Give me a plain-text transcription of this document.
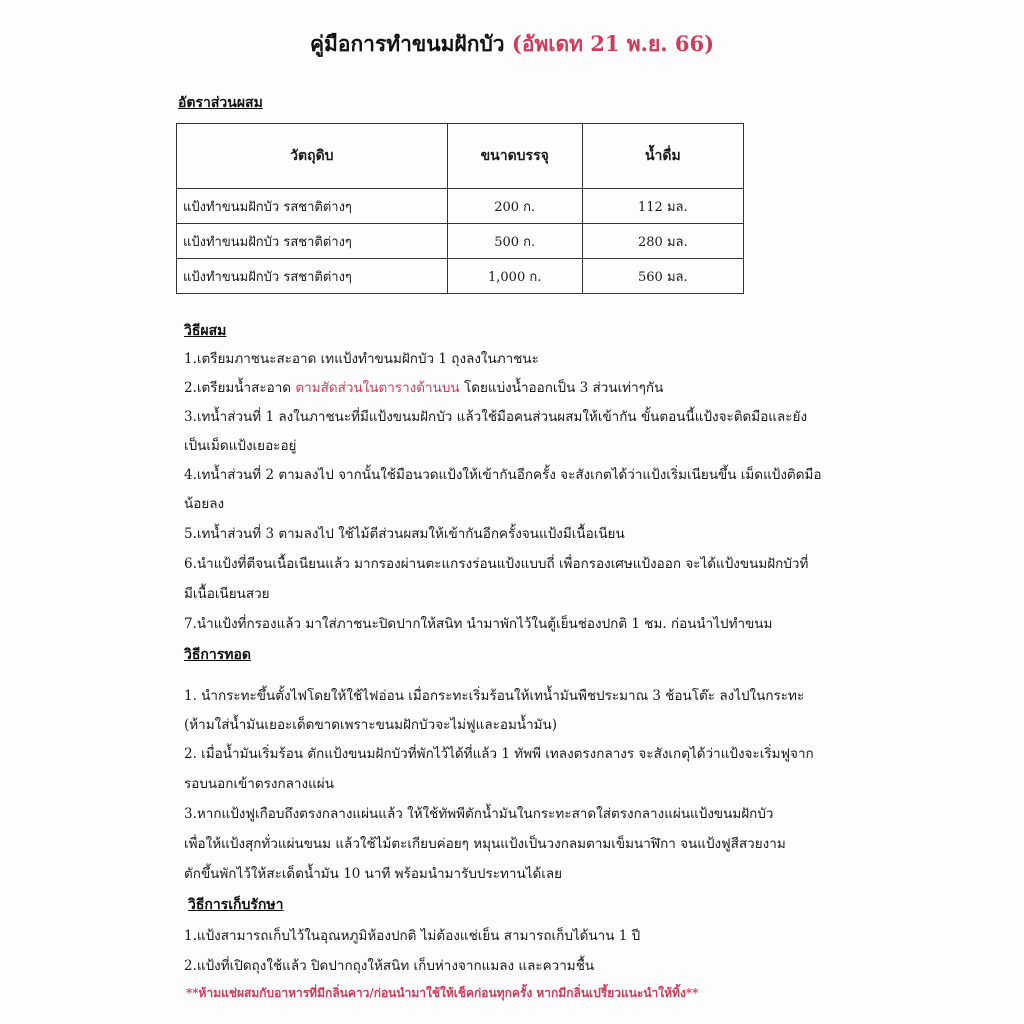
คู่มือการทำขนมฝักบัว (อัพเดท 21 พ.ย. 66)
อัตราส่วนผสม
วัตถุดิบ	ขนาดบรรจุ	น้ำดื่ม
แป้งทำขนมฝักบัว รสชาติต่างๆ	200 ก.	112 มล.
แป้งทำขนมฝักบัว รสชาติต่างๆ	500 ก.	280 มล.
แป้งทำขนมฝักบัว รสชาติต่างๆ	1,000 ก.	560 มล.
วิธีผสม
1.เตรียมภาชนะสะอาด เทแป้งทำขนมฝักบัว 1 ถุงลงในภาชนะ
2.เตรียมน้ำสะอาด ตามสัดส่วนในตารางด้านบน โดยแบ่งน้ำออกเป็น 3 ส่วนเท่าๆกัน
3.เทน้ำส่วนที่ 1 ลงในภาชนะที่มีแป้งขนมฝักบัว แล้วใช้มือคนส่วนผสมให้เข้ากัน ขั้นตอนนี้แป้งจะติดมือและยัง
เป็นเม็ดแป้งเยอะอยู่
4.เทน้ำส่วนที่ 2 ตามลงไป จากนั้นใช้มือนวดแป้งให้เข้ากันอีกครั้ง จะสังเกตได้ว่าแป้งเริ่มเนียนขึ้น เม็ดแป้งติดมือ
น้อยลง
5.เทน้ำส่วนที่ 3 ตามลงไป ใช้ไม้ตีส่วนผสมให้เข้ากันอีกครั้งจนแป้งมีเนื้อเนียน
6.นำแป้งที่ตีจนเนื้อเนียนแล้ว มากรองผ่านตะแกรงร่อนแป้งแบบถี่ เพื่อกรองเศษแป้งออก จะได้แป้งขนมฝักบัวที่
มีเนื้อเนียนสวย
7.นำแป้งที่กรองแล้ว มาใส่ภาชนะปิดปากให้สนิท นำมาพักไว้ในตู้เย็นช่องปกติ 1 ชม. ก่อนนำไปทำขนม
วิธีการทอด
1. นำกระทะขึ้นตั้งไฟโดยให้ใช้ไฟอ่อน เมื่อกระทะเริ่มร้อนให้เทน้ำมันพืชประมาณ 3 ช้อนโต๊ะ ลงไปในกระทะ
(ห้ามใส่น้ำมันเยอะเด็ดขาดเพราะขนมฝักบัวจะไม่ฟูและอมน้ำมัน)
2. เมื่อน้ำมันเริ่มร้อน ตักแป้งขนมฝักบัวที่พักไว้ได้ที่แล้ว 1 ทัพพี เทลงตรงกลางร จะสังเกตุได้ว่าแป้งจะเริ่มฟูจาก
รอบนอกเข้าตรงกลางแผ่น
3.หากแป้งฟูเกือบถึงตรงกลางแผ่นแล้ว ให้ใช้ทัพพีตักน้ำมันในกระทะสาดใส่ตรงกลางแผ่นแป้งขนมฝักบัว
เพื่อให้แป้งสุกทั่วแผ่นขนม แล้วใช้ไม้ตะเกียบค่อยๆ หมุนแป้งเป็นวงกลมตามเข็มนาฬิกา จนแป้งฟูสีสวยงาม
ตักขึ้นพักไว้ให้สะเด็ดน้ำมัน 10 นาที พร้อมนำมารับประทานได้เลย
วิธีการเก็บรักษา
1.แป้งสามารถเก็บไว้ในอุณหภูมิห้องปกติ ไม่ต้องแช่เย็น สามารถเก็บได้นาน 1 ปี
2.แป้งที่เปิดถุงใช้แล้ว ปิดปากถุงให้สนิท เก็บห่างจากแมลง และความชื้น
**ห้ามแช่ผสมกับอาหารที่มีกลิ่นคาว/ก่อนนำมาใช้ให้เช็คก่อนทุกครั้ง หากมีกลิ่นเปรี้ยวแนะนำให้ทิ้ง**
